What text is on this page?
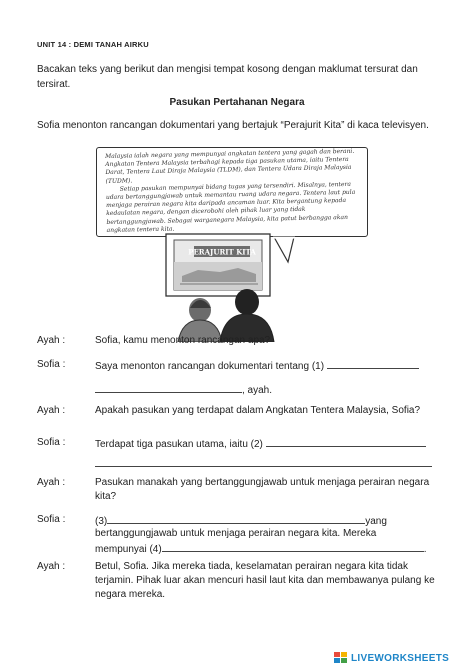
UNIT 14 : DEMI TANAH AIRKU
Bacakan teks yang berikut dan mengisi tempat kosong dengan maklumat tersurat dan tersirat.
Pasukan Pertahanan Negara
Sofia menonton rancangan dokumentari yang bertajuk “Perajurit Kita” di kaca televisyen.

Malaysia ialah negara yang mempunyai angkatan tentera yang gagah dan berani. Angkatan Tentera Malaysia terbahagi kepada tiga pasukan utama, iaitu Tentera Darat, Tentera Laut Diraja Malaysia (TLDM), dan Tentera Udara Diraja Malaysia (TUDM).

Setiap pasukan mempunyai bidang tugas yang tersendiri. Misalnya, tentera udara bertanggungjawab untuk memantau ruang udara negara. Tentera laut pula menjaga perairan negara kita daripada ancaman luar. Kita bergantung kepada kedaulatan negara, dengan dicerobohi oleh pihak luar yang tidak bertanggungjawab. Sebagai warganegara Malaysia, kita patut berbangga akan angkatan tentera kita.

PERAJURIT KITA
Ayah :	Sofia, kamu menonton rancangan apa?
Sofia :	Saya menonton rancangan dokumentari tentang (1)
, ayah.
Ayah :	Apakah pasukan yang terdapat dalam Angkatan Tentera Malaysia, Sofia?
Sofia :	Terdapat tiga pasukan utama, iaitu (2)
Ayah :	Pasukan manakah yang bertanggungjawab untuk menjaga perairan negara kita?
Sofia :	(3)	yang
bertanggungjawab untuk menjaga perairan negara kita. Mereka
mempunyai (4)	.
Ayah :	Betul, Sofia. Jika mereka tiada, keselamatan perairan negara kita tidak terjamin. Pihak luar akan mencuri hasil laut kita dan membawanya pulang ke negara mereka.
LIVEWORKSHEETS
